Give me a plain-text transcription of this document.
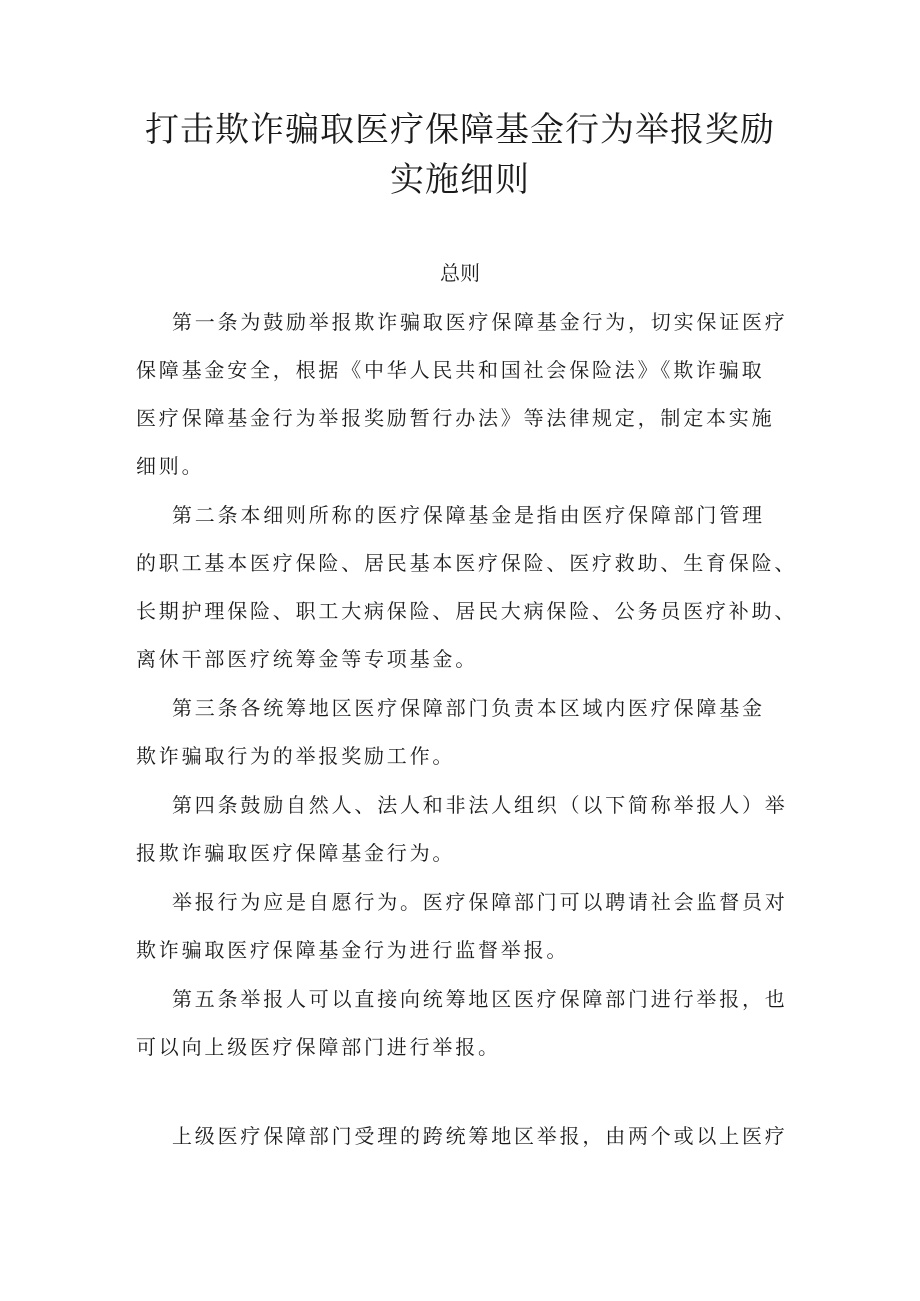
打击欺诈骗取医疗保障基金行为举报奖励
实施细则
总则

第一条为鼓励举报欺诈骗取医疗保障基金行为，切实保证医疗

保障基金安全，根据《中华人民共和国社会保险法》《欺诈骗取

医疗保障基金行为举报奖励暂行办法》等法律规定，制定本实施

细则。

第二条本细则所称的医疗保障基金是指由医疗保障部门管理

的职工基本医疗保险、居民基本医疗保险、医疗救助、生育保险、

长期护理保险、职工大病保险、居民大病保险、公务员医疗补助、

离休干部医疗统筹金等专项基金。

第三条各统筹地区医疗保障部门负责本区域内医疗保障基金

欺诈骗取行为的举报奖励工作。

第四条鼓励自然人、法人和非法人组织（以下简称举报人）举

报欺诈骗取医疗保障基金行为。

举报行为应是自愿行为。医疗保障部门可以聘请社会监督员对

欺诈骗取医疗保障基金行为进行监督举报。

第五条举报人可以直接向统筹地区医疗保障部门进行举报，也

可以向上级医疗保障部门进行举报。

上级医疗保障部门受理的跨统筹地区举报，由两个或以上医疗
